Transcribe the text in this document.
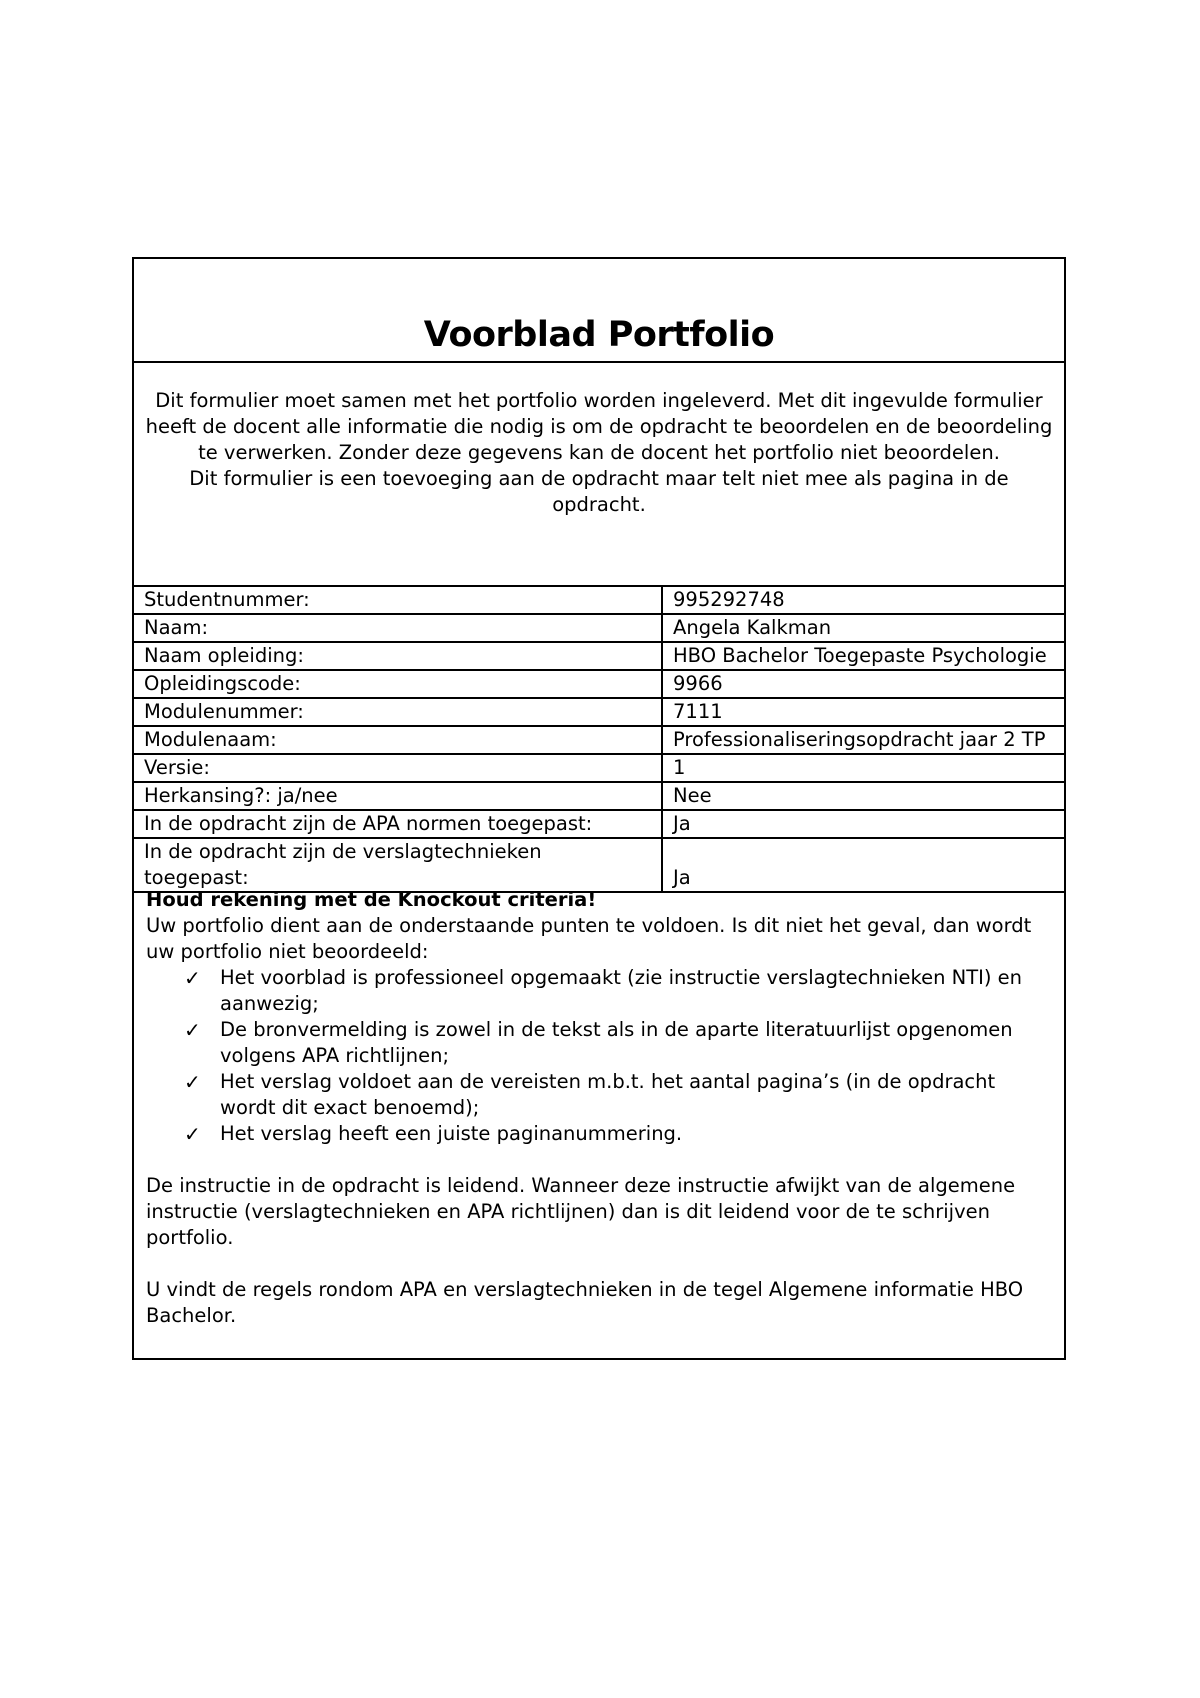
Voorblad Portfolio

Dit formulier moet samen met het portfolio worden ingeleverd. Met dit ingevulde formulier heeft de docent alle informatie die nodig is om de opdracht te beoordelen en de beoordeling te verwerken. Zonder deze gegevens kan de docent het portfolio niet beoordelen.

Dit formulier is een toevoeging aan de opdracht maar telt niet mee als pagina in de opdracht.

Studentnummer:	995292748
Naam:	Angela Kalkman
Naam opleiding:	HBO Bachelor Toegepaste Psychologie
Opleidingscode:	9966
Modulenummer:	7111
Modulenaam:	Professionaliseringsopdracht jaar 2 TP
Versie:	1
Herkansing?: ja/nee	Nee
In de opdracht zijn de APA normen toegepast:	Ja
In de opdracht zijn de verslagtechnieken toegepast:	Ja

Houd rekening met de Knockout criteria!

Uw portfolio dient aan de onderstaande punten te voldoen. Is dit niet het geval, dan wordt uw portfolio niet beoordeeld:

✓ Het voorblad is professioneel opgemaakt (zie instructie verslagtechnieken NTI) en aanwezig;
✓ De bronvermelding is zowel in de tekst als in de aparte literatuurlijst opgenomen volgens APA richtlijnen;
✓ Het verslag voldoet aan de vereisten m.b.t. het aantal pagina’s (in de opdracht wordt dit exact benoemd);
✓ Het verslag heeft een juiste paginanummering.

De instructie in de opdracht is leidend. Wanneer deze instructie afwijkt van de algemene instructie (verslagtechnieken en APA richtlijnen) dan is dit leidend voor de te schrijven portfolio.

U vindt de regels rondom APA en verslagtechnieken in de tegel Algemene informatie HBO Bachelor.
